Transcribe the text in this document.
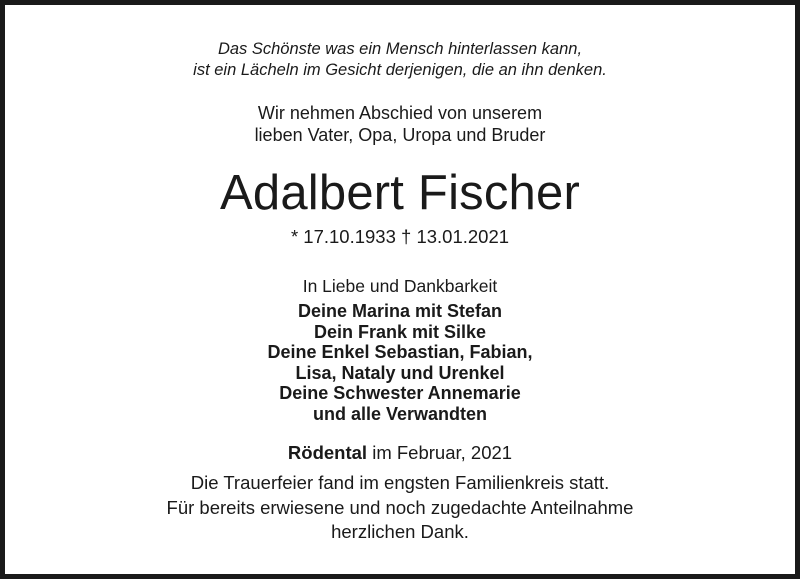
Das Schönste was ein Mensch hinterlassen kann,
ist ein Lächeln im Gesicht derjenigen, die an ihn denken.
Wir nehmen Abschied von unserem
lieben Vater, Opa, Uropa und Bruder
Adalbert Fischer
* 17.10.1933 † 13.01.2021
In Liebe und Dankbarkeit
Deine Marina mit Stefan
Dein Frank mit Silke
Deine Enkel Sebastian, Fabian,
Lisa, Nataly und Urenkel
Deine Schwester Annemarie
und alle Verwandten
Rödental im Februar, 2021
Die Trauerfeier fand im engsten Familienkreis statt.
Für bereits erwiesene und noch zugedachte Anteilnahme
herzlichen Dank.
